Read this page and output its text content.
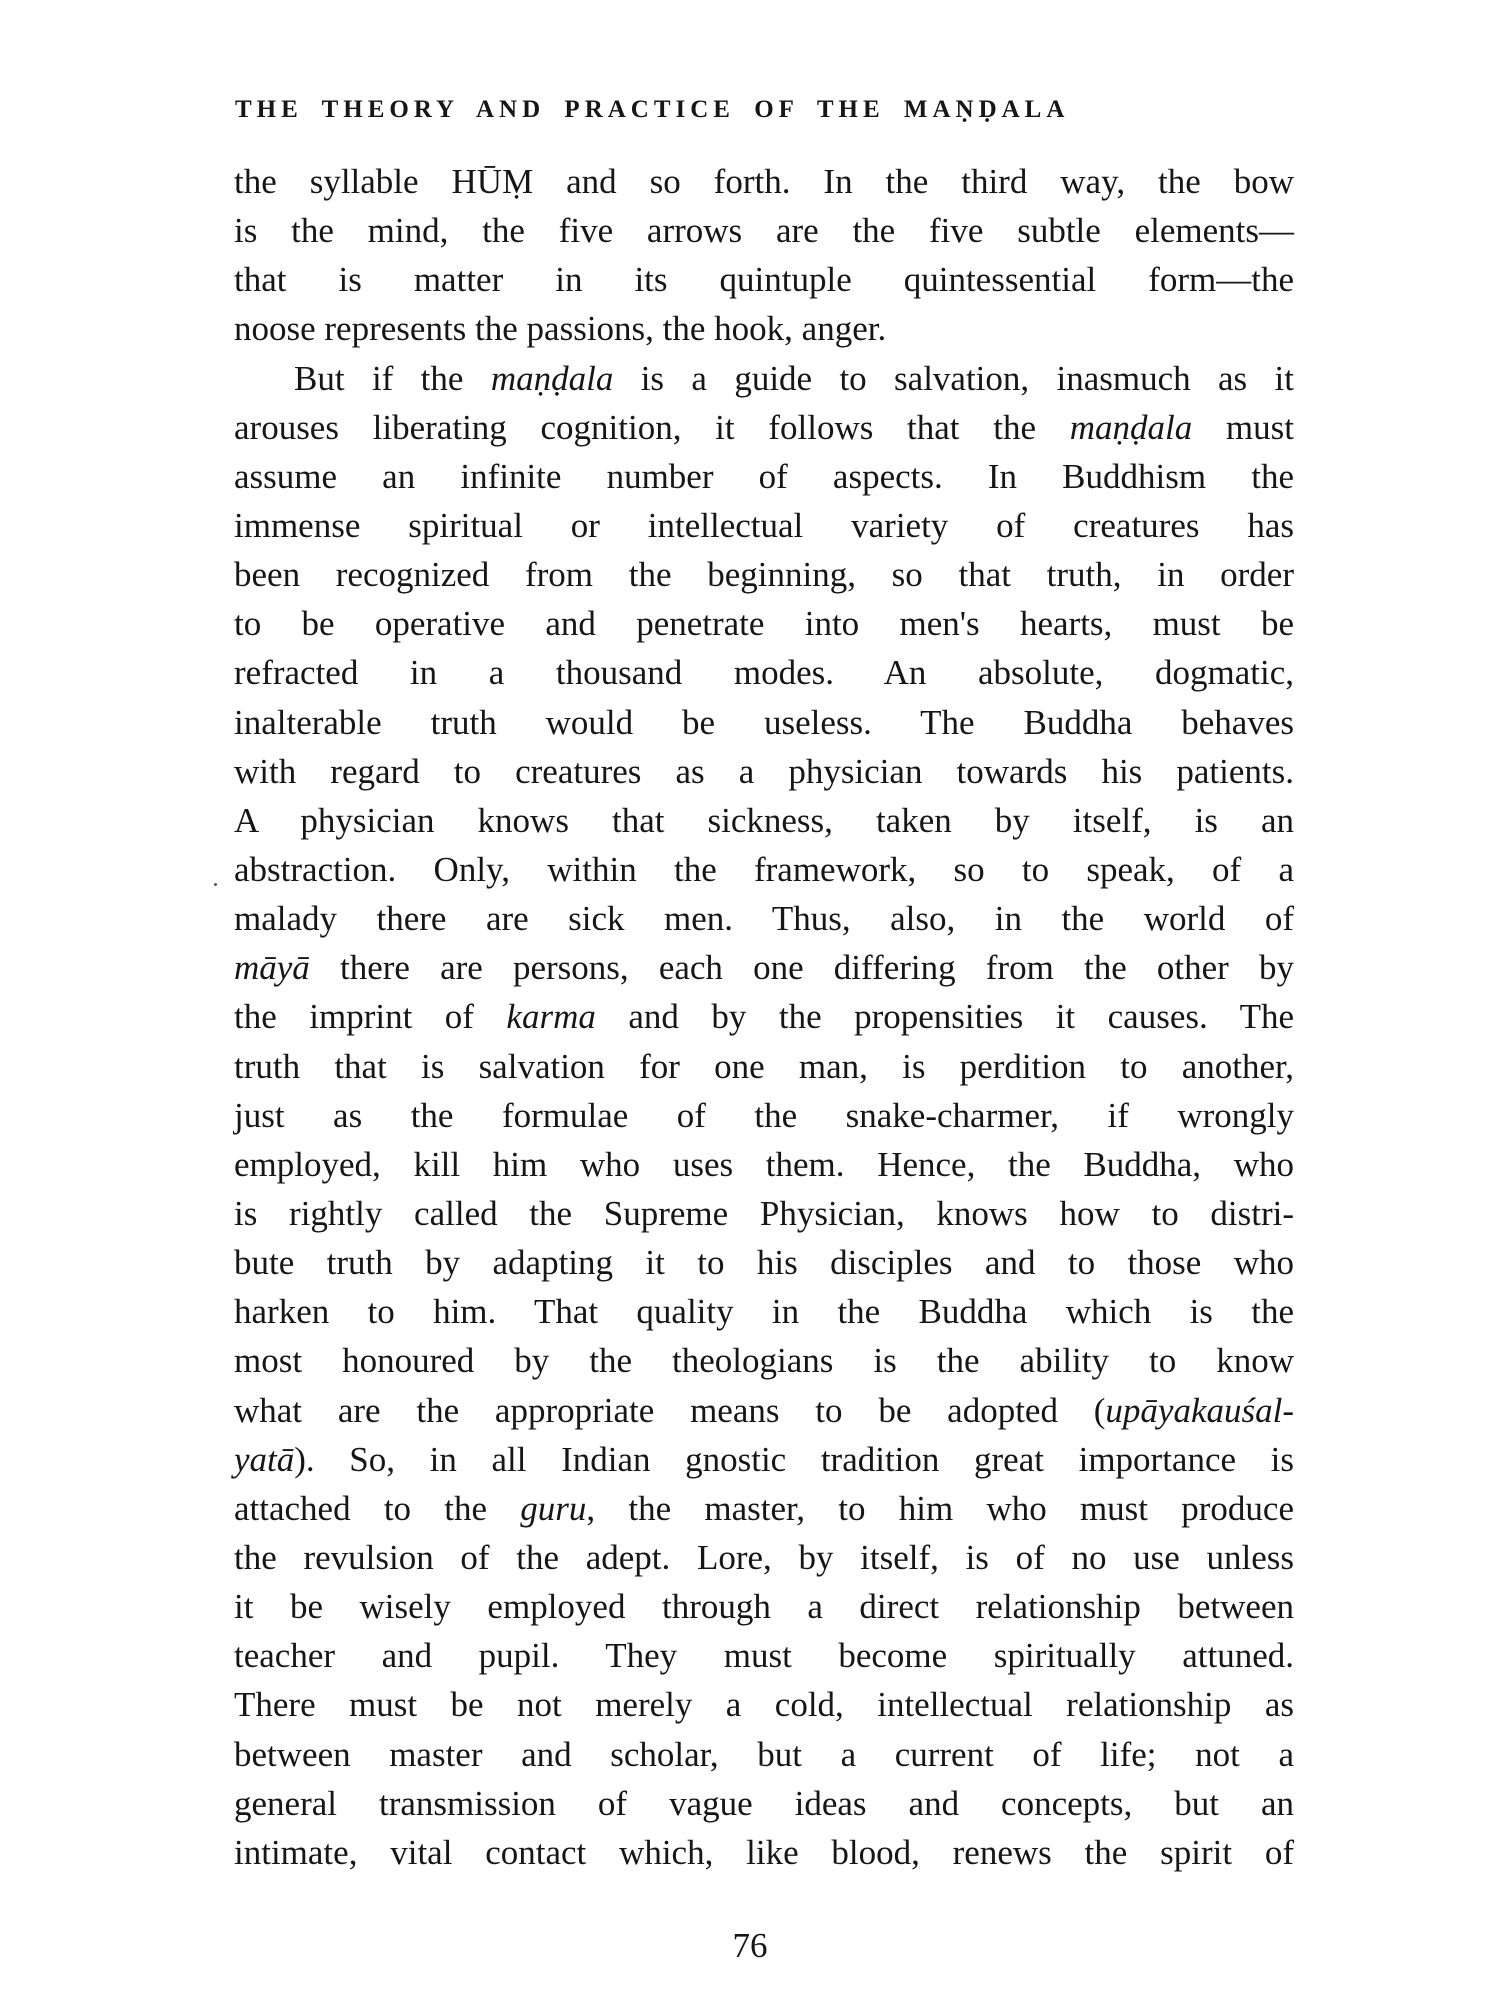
THE THEORY AND PRACTICE OF THE MAṆḌALA
the syllable HŪṂ and so forth. In the third way, the bow
is the mind, the five arrows are the five subtle elements—
that is matter in its quintuple quintessential form—the
noose represents the passions, the hook, anger.
But if the maṇḍala is a guide to salvation, inasmuch as it
arouses liberating cognition, it follows that the maṇḍala must
assume an infinite number of aspects. In Buddhism the
immense spiritual or intellectual variety of creatures has
been recognized from the beginning, so that truth, in order
to be operative and penetrate into men's hearts, must be
refracted in a thousand modes. An absolute, dogmatic,
inalterable truth would be useless. The Buddha behaves
with regard to creatures as a physician towards his patients.
A physician knows that sickness, taken by itself, is an
abstraction. Only, within the framework, so to speak, of a
malady there are sick men. Thus, also, in the world of
māyā there are persons, each one differing from the other by
the imprint of karma and by the propensities it causes. The
truth that is salvation for one man, is perdition to another,
just as the formulae of the snake-charmer, if wrongly
employed, kill him who uses them. Hence, the Buddha, who
is rightly called the Supreme Physician, knows how to distri-
bute truth by adapting it to his disciples and to those who
harken to him. That quality in the Buddha which is the
most honoured by the theologians is the ability to know
what are the appropriate means to be adopted (upāyakauśal-
yatā). So, in all Indian gnostic tradition great importance is
attached to the guru, the master, to him who must produce
the revulsion of the adept. Lore, by itself, is of no use unless
it be wisely employed through a direct relationship between
teacher and pupil. They must become spiritually attuned.
There must be not merely a cold, intellectual relationship as
between master and scholar, but a current of life; not a
general transmission of vague ideas and concepts, but an
intimate, vital contact which, like blood, renews the spirit of
76
